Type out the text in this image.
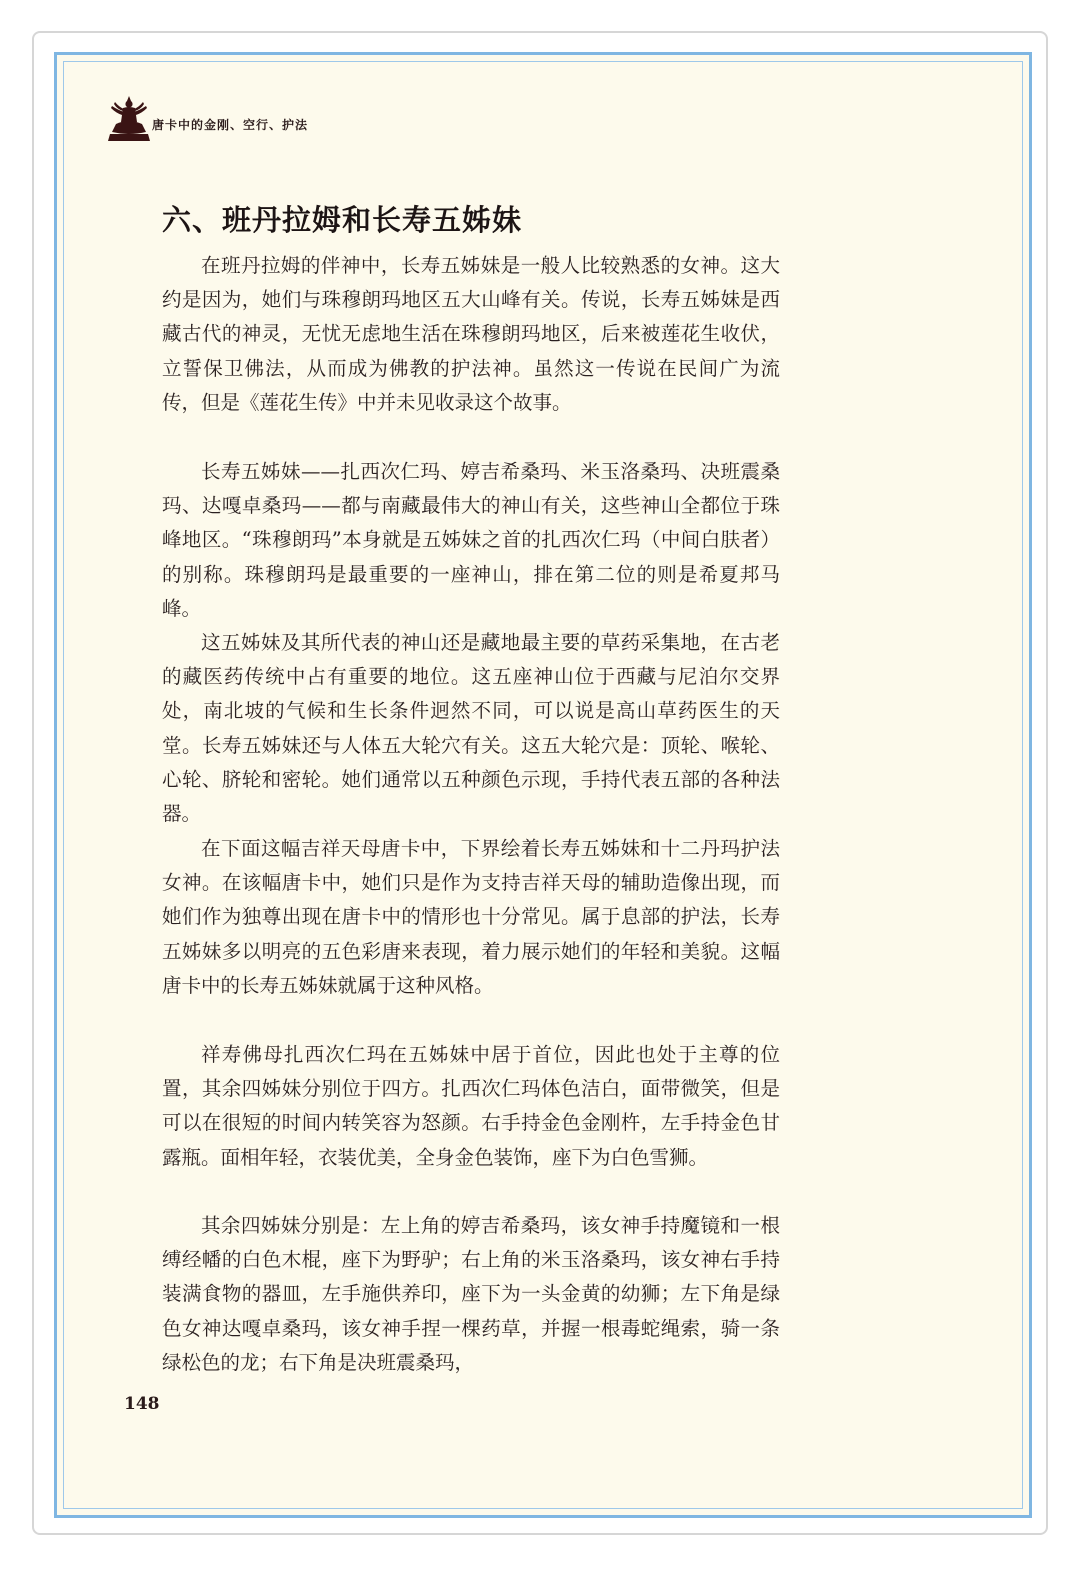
唐卡中的金刚、空行、护法
六、班丹拉姆和长寿五姊妹

在班丹拉姆的伴神中，长寿五姊妹是一般人比较熟悉的女神。这大约是因为，她们与珠穆朗玛地区五大山峰有关。传说，长寿五姊妹是西藏古代的神灵，无忧无虑地生活在珠穆朗玛地区，后来被莲花生收伏，立誓保卫佛法，从而成为佛教的护法神。虽然这一传说在民间广为流传，但是《莲花生传》中并未见收录这个故事。

长寿五姊妹——扎西次仁玛、婷吉希桑玛、米玉洛桑玛、决班震桑玛、达嘎卓桑玛——都与南藏最伟大的神山有关，这些神山全都位于珠峰地区。“珠穆朗玛”本身就是五姊妹之首的扎西次仁玛（中间白肤者）的别称。珠穆朗玛是最重要的一座神山，排在第二位的则是希夏邦马峰。

这五姊妹及其所代表的神山还是藏地最主要的草药采集地，在古老的藏医药传统中占有重要的地位。这五座神山位于西藏与尼泊尔交界处，南北坡的气候和生长条件迥然不同，可以说是高山草药医生的天堂。长寿五姊妹还与人体五大轮穴有关。这五大轮穴是：顶轮、喉轮、心轮、脐轮和密轮。她们通常以五种颜色示现，手持代表五部的各种法器。

在下面这幅吉祥天母唐卡中，下界绘着长寿五姊妹和十二丹玛护法女神。在该幅唐卡中，她们只是作为支持吉祥天母的辅助造像出现，而她们作为独尊出现在唐卡中的情形也十分常见。属于息部的护法，长寿五姊妹多以明亮的五色彩唐来表现，着力展示她们的年轻和美貌。这幅唐卡中的长寿五姊妹就属于这种风格。

祥寿佛母扎西次仁玛在五姊妹中居于首位，因此也处于主尊的位置，其余四姊妹分别位于四方。扎西次仁玛体色洁白，面带微笑，但是可以在很短的时间内转笑容为怒颜。右手持金色金刚杵，左手持金色甘露瓶。面相年轻，衣装优美，全身金色装饰，座下为白色雪狮。

其余四姊妹分别是：左上角的婷吉希桑玛，该女神手持魔镜和一根缚经幡的白色木棍，座下为野驴；右上角的米玉洛桑玛，该女神右手持装满食物的器皿，左手施供养印，座下为一头金黄的幼狮；左下角是绿色女神达嘎卓桑玛，该女神手捏一棵药草，并握一根毒蛇绳索，骑一条绿松色的龙；右下角是决班震桑玛，

148
